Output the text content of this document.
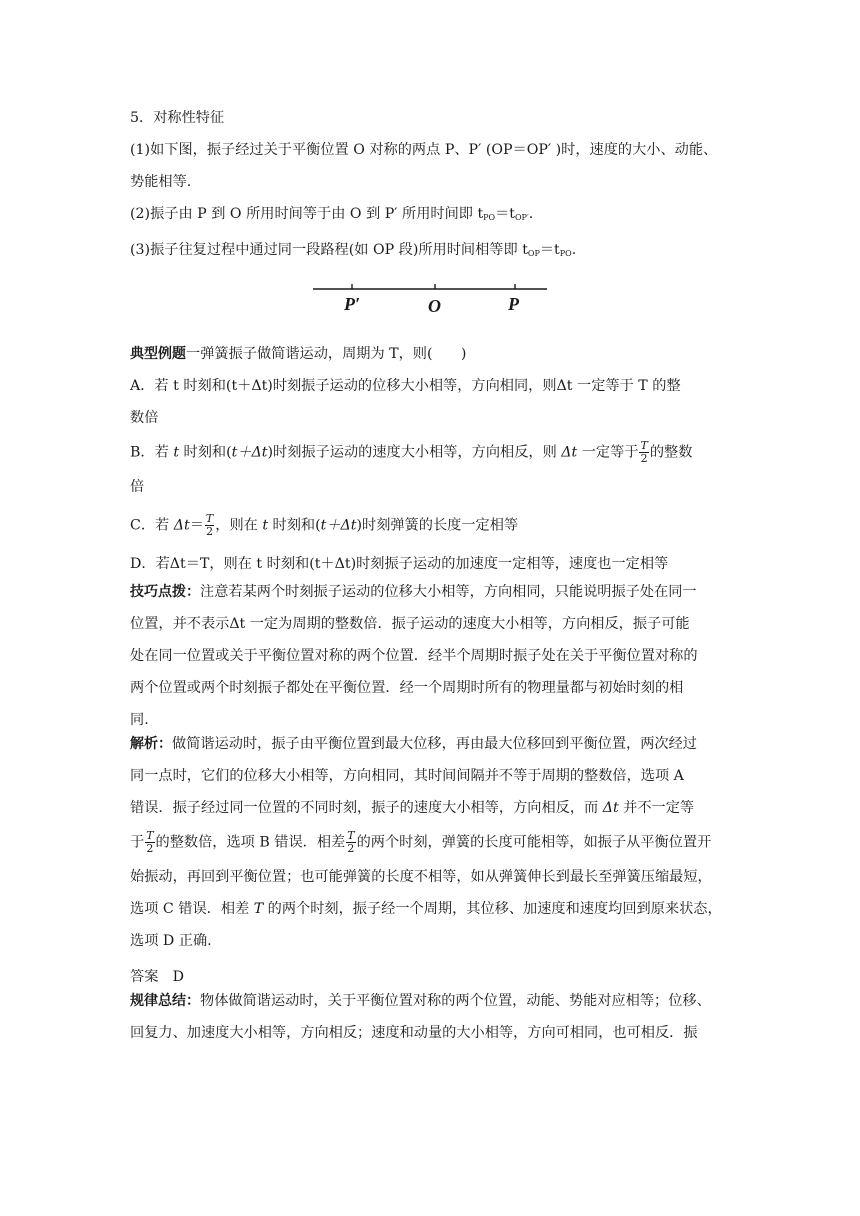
5．对称性特征

(1)如下图，振子经过关于平衡位置 O 对称的两点 P、P′ (OP＝OP′ )时，速度的大小、动能、

势能相等.

(2)振子由 P 到 O 所用时间等于由 O 到 P′ 所用时间即 $t_{PO}=t_{OP'}$.

(3)振子往复过程中通过同一段路程(如 OP 段)所用时间相等即 $t_{OP}=t_{PO}$.

P′	O	P

典型例题一弹簧振子做简谐运动，周期为 T，则(　　)

A．若 t 时刻和(t＋Δt)时刻振子运动的位移大小相等，方向相同，则Δt 一定等于 T 的整

数倍

B．若 t 时刻和(t＋Δt)时刻振子运动的速度大小相等，方向相反，则 Δt 一定等于 $\frac{T}{2}$ 的整数

倍

C．若 $\Delta t= \frac{T}{2}$ ，则在 t 时刻和(t＋Δt)时刻弹簧的长度一定相等

D．若Δt＝T，则在 t 时刻和(t＋Δt)时刻振子运动的加速度一定相等，速度也一定相等

技巧点拨：注意若某两个时刻振子运动的位移大小相等，方向相同，只能说明振子处在同一

位置，并不表示Δt 一定为周期的整数倍．振子运动的速度大小相等，方向相反，振子可能

处在同一位置或关于平衡位置对称的两个位置．经半个周期时振子处在关于平衡位置对称的

两个位置或两个时刻振子都处在平衡位置．经一个周期时所有的物理量都与初始时刻的相

同.

解析：做简谐运动时，振子由平衡位置到最大位移，再由最大位移回到平衡位置，两次经过

同一点时，它们的位移大小相等，方向相同，其时间间隔并不等于周期的整数倍，选项 A

错误．振子经过同一位置的不同时刻，振子的速度大小相等，方向相反，而 Δt 并不一定等

于 $\frac{T}{2}$ 的整数倍，选项 B 错误．相差 $\frac{T}{2}$ 的两个时刻，弹簧的长度可能相等，如振子从平衡位置开

始振动，再回到平衡位置；也可能弹簧的长度不相等，如从弹簧伸长到最长至弹簧压缩最短，

选项 C 错误．相差 T 的两个时刻，振子经一个周期，其位移、加速度和速度均回到原来状态，

选项 D 正确.

答案　D

规律总结：物体做简谐运动时，关于平衡位置对称的两个位置，动能、势能对应相等；位移、

回复力、加速度大小相等，方向相反；速度和动量的大小相等，方向可相同，也可相反．振
